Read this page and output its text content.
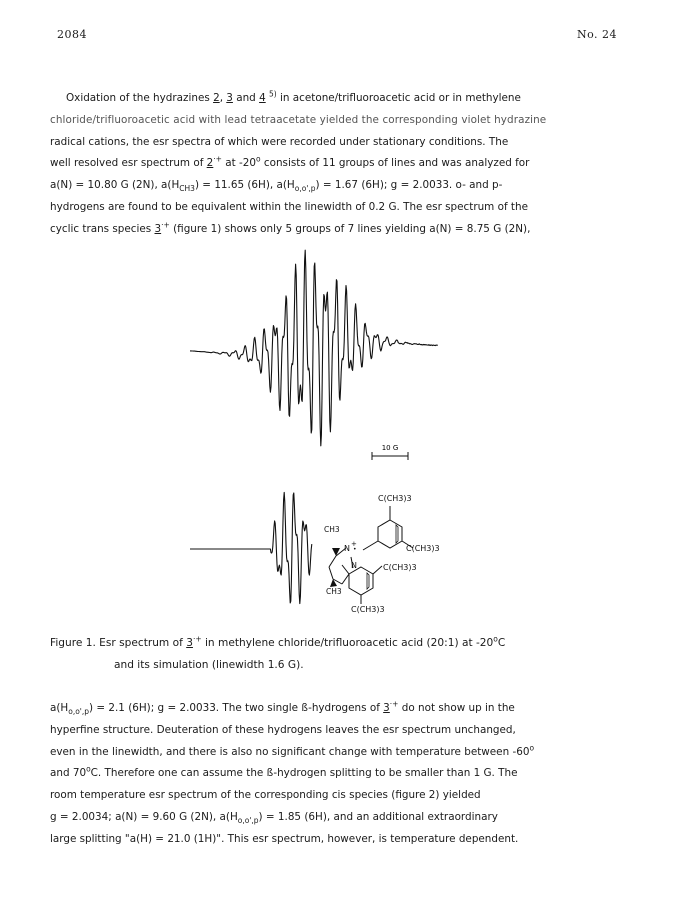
2084	No. 24
Oxidation of the hydrazines 2, 3 and 4 $^{5)}$ in acetone/trifluoroacetic acid or in methylene
chloride/trifluoroacetic acid with lead tetraacetate yielded the corresponding violet hydrazine
radical cations, the esr spectra of which were recorded under stationary conditions. The
well resolved esr spectrum of 2·+ at -20$^o$ consists of 11 groups of lines and was analyzed for
a(N) = 10.80 G (2N), $a(H_{CH3}) = 11.65$ (6H), $a(H_{o,o',p}) = 1.67$ (6H); g = 2.0033. o- and p-
hydrogens are found to be equivalent within the linewidth of 0.2 G. The esr spectrum of the
cyclic trans species 3·+ (figure 1) shows only 5 groups of 7 lines yielding a(N) = 8.75 G (2N),
10 G
C(CH3)3
C(CH3)3
C(CH3)3
C(CH3)3
CH3
CH3
N
N
+
•
Figure 1. Esr spectrum of 3·+ in methylene chloride/trifluoroacetic acid (20:1) at -20$^o$C
and its simulation (linewidth 1.6 G).
$a(H_{o,o',p}) = 2.1$ (6H); g = 2.0033. The two single ß-hydrogens of 3·+ do not show up in the
hyperfine structure. Deuteration of these hydrogens leaves the esr spectrum unchanged,
even in the linewidth, and there is also no significant change with temperature between -60$^o$
and 70$^o$C. Therefore one can assume the ß-hydrogen splitting to be smaller than 1 G. The
room temperature esr spectrum of the corresponding cis species (figure 2) yielded
g = 2.0034; a(N) = 9.60 G (2N), $a(H_{o,o',p}) = 1.85$ (6H), and an additional extraordinary
large splitting "a(H) = 21.0 (1H)". This esr spectrum, however, is temperature dependent.
